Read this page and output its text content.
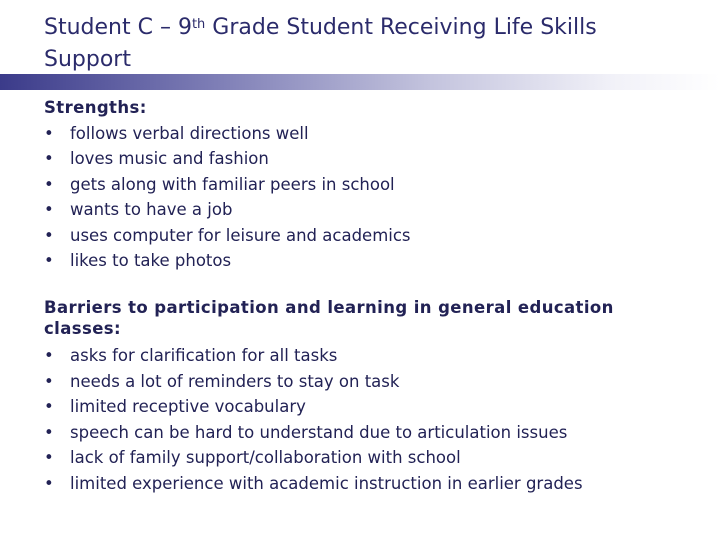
Student C – 9th Grade Student Receiving Life Skills
Support
Strengths:
• follows verbal directions well
• loves music and fashion
• gets along with familiar peers in school
• wants to have a job
• uses computer for leisure and academics
• likes to take photos
Barriers to participation and learning in general education
classes:
• asks for clarification for all tasks
• needs a lot of reminders to stay on task
• limited receptive vocabulary
• speech can be hard to understand due to articulation issues
• lack of family support/collaboration with school
• limited experience with academic instruction in earlier grades
